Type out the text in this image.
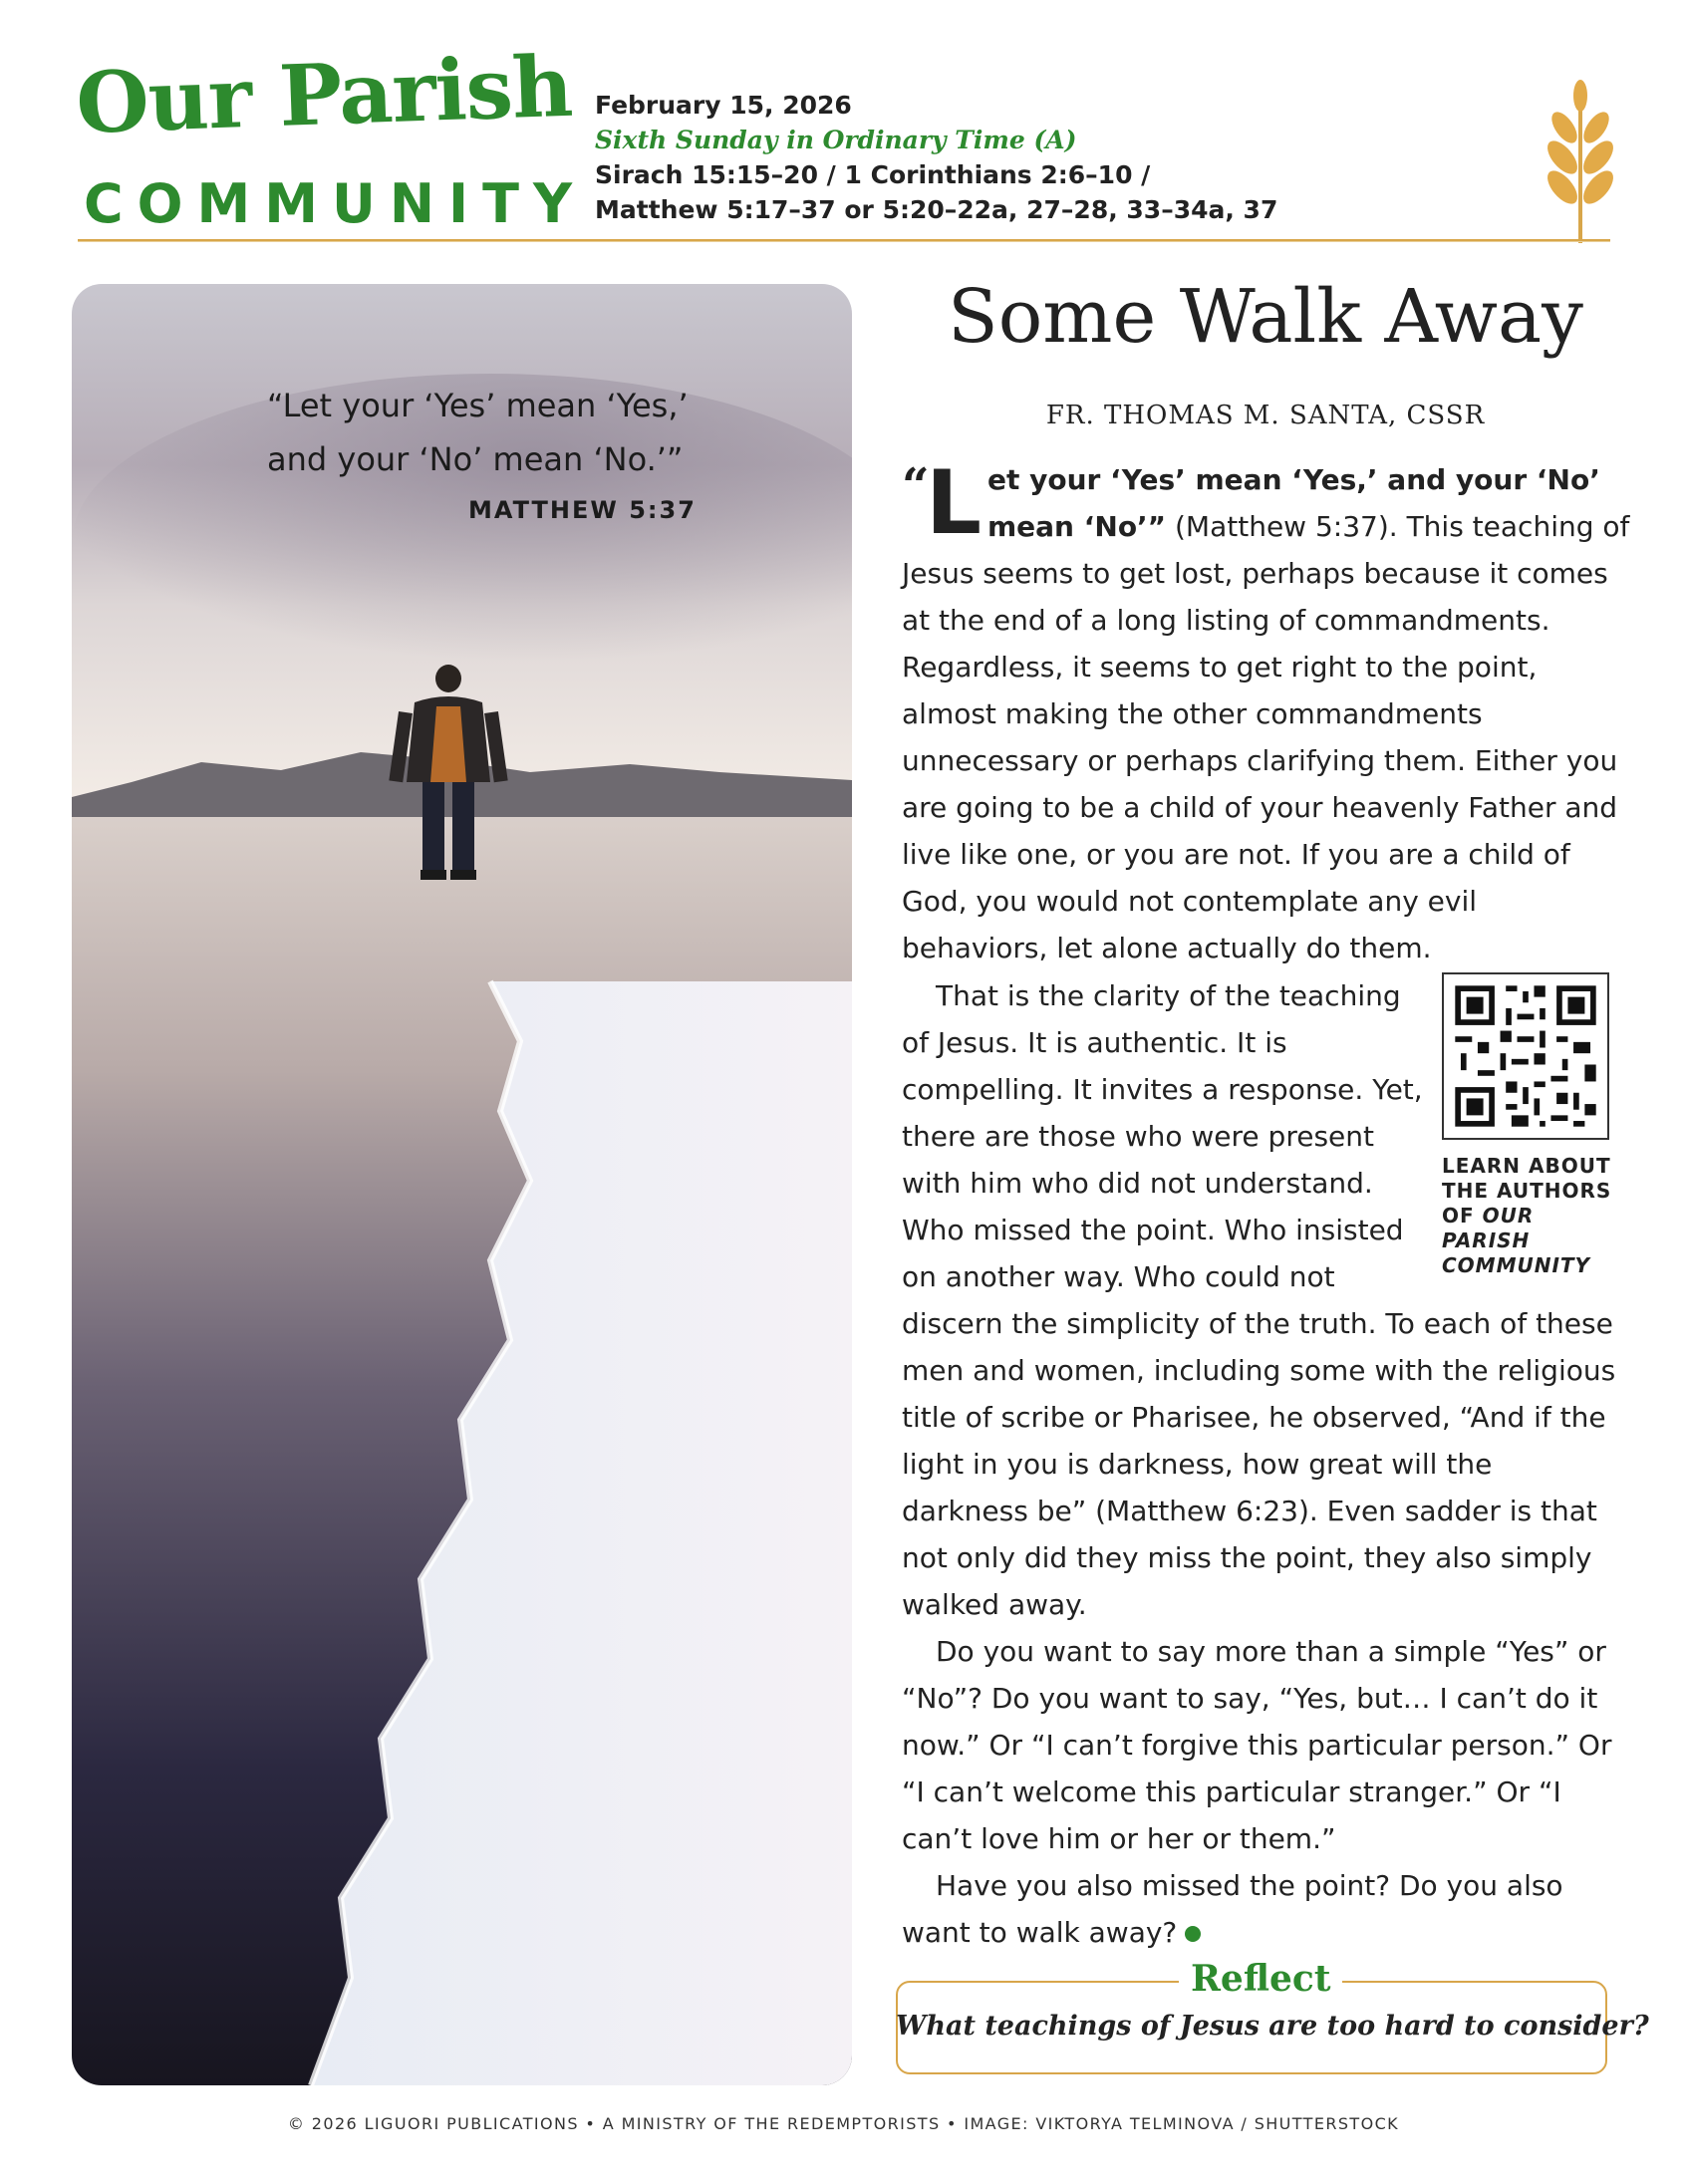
Our Parish
COMMUNITY
February 15, 2026
Sixth Sunday in Ordinary Time (A)
Sirach 15:15–20 / 1 Corinthians 2:6–10 /
Matthew 5:17–37 or 5:20–22a, 27–28, 33–34a, 37
“Let your ‘Yes’ mean ‘Yes,’
and your ‘No’ mean ‘No.’”
MATTHEW 5:37
Some Walk Away
FR. THOMAS M. SANTA, CSSR
“
L et your ‘Yes’ mean ‘Yes,’ and your ‘No’
mean ‘No’” (Matthew 5:37). This teaching of
Jesus seems to get lost, perhaps because it comes at the end of a long listing of commandments. Regardless, it seems to get right to the point, almost making the other commandments unnecessary or perhaps clarifying them. Either you are going to be a child of your heavenly Father and live like one, or you are not. If you are a child of God, you would not contemplate any evil behaviors, let alone actually do them.
LEARN ABOUT
THE AUTHORS
OF OUR PARISH
COMMUNITY
That is the clarity of the teaching of Jesus. It is authentic. It is compelling. It invites a response. Yet, there are those who were present with him who did not understand. Who missed the point. Who insisted on another way. Who could not discern the simplicity of the truth. To each of these men and women, including some with the religious title of scribe or Pharisee, he observed, “And if the light in you is darkness, how great will the darkness be” (Matthew 6:23). Even sadder is that not only did they miss the point, they also simply walked away.
Do you want to say more than a simple “Yes” or “No”? Do you want to say, “Yes, but… I can’t do it now.” Or “I can’t forgive this particular person.” Or “I can’t welcome this particular stranger.” Or “I can’t love him or her or them.”
Have you also missed the point? Do you also want to walk away?
Reflect
What teachings of Jesus are too hard to consider?
© 2026 LIGUORI PUBLICATIONS • A MINISTRY OF THE REDEMPTORISTS • IMAGE: VIKTORYA TELMINOVA / SHUTTERSTOCK
